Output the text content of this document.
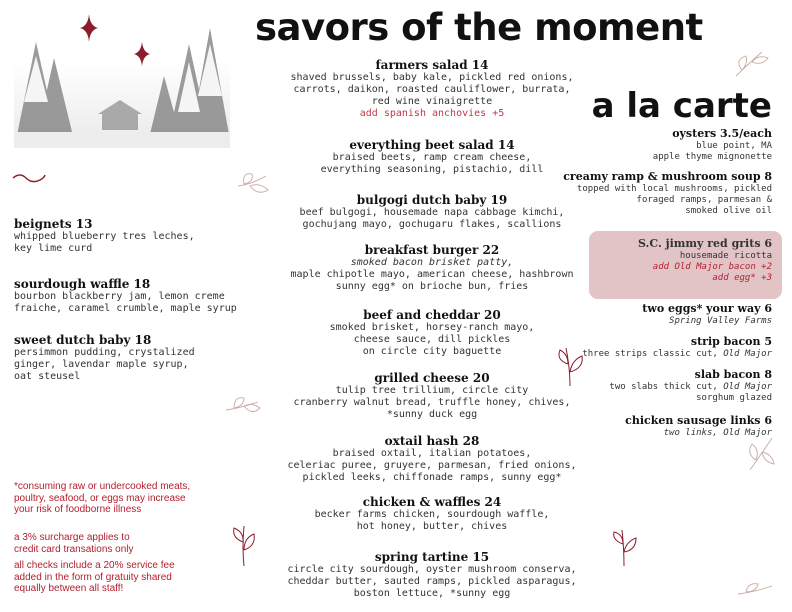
savors of the moment
a la carte
farmers salad 14
shaved brussels, baby kale, pickled red onions,
carrots, daikon, roasted cauliflower, burrata,
red wine vinaigrette
add spanish anchovies +5
everything beet salad 14
braised beets, ramp cream cheese,
everything seasoning, pistachio, dill
bulgogi dutch baby 19
beef bulgogi, housemade napa cabbage kimchi,
gochujang mayo, gochugaru flakes, scallions
breakfast burger 22
smoked bacon brisket patty,
maple chipotle mayo, american cheese, hashbrown
sunny egg* on brioche bun, fries
beef and cheddar 20
smoked brisket, horsey-ranch mayo,
cheese sauce, dill pickles
on circle city baguette
grilled cheese 20
tulip tree trillium, circle city
cranberry walnut bread, truffle honey, chives,
*sunny duck egg
oxtail hash 28
braised oxtail, italian potatoes,
celeriac puree, gruyere, parmesan, fried onions,
pickled leeks, chiffonade ramps, sunny egg*
chicken & waffles 24
becker farms chicken, sourdough waffle,
hot honey, butter, chives
spring tartine 15
circle city sourdough, oyster mushroom conserva,
cheddar butter, sauted ramps, pickled asparagus,
boston lettuce, *sunny egg
beignets 13
whipped blueberry tres leches,
key lime curd
sourdough waffle 18
bourbon blackberry jam, lemon creme
fraiche, caramel crumble, maple syrup
sweet dutch baby 18
persimmon pudding, crystalized
ginger, lavendar maple syrup,
oat steusel
*consuming raw or undercooked meats,
poultry, seafood, or eggs may increase
your risk of foodborne illness
a 3% surcharge applies to
credit card transations only
all checks include a 20% service fee
added in the form of gratuity shared
equally between all staff!
oysters 3.5/each
blue point, MA
apple thyme mignonette
creamy ramp & mushroom soup 8
topped with local mushrooms, pickled
foraged ramps, parmesan &
smoked olive oil
S.C. jimmy red grits 6
housemade ricotta
add Old Major bacon +2
add egg* +3
two eggs* your way 6
Spring Valley Farms
strip bacon 5
three strips classic cut, Old Major
slab bacon 8
two slabs thick cut, Old Major
sorghum glazed
chicken sausage links 6
two links, Old Major
